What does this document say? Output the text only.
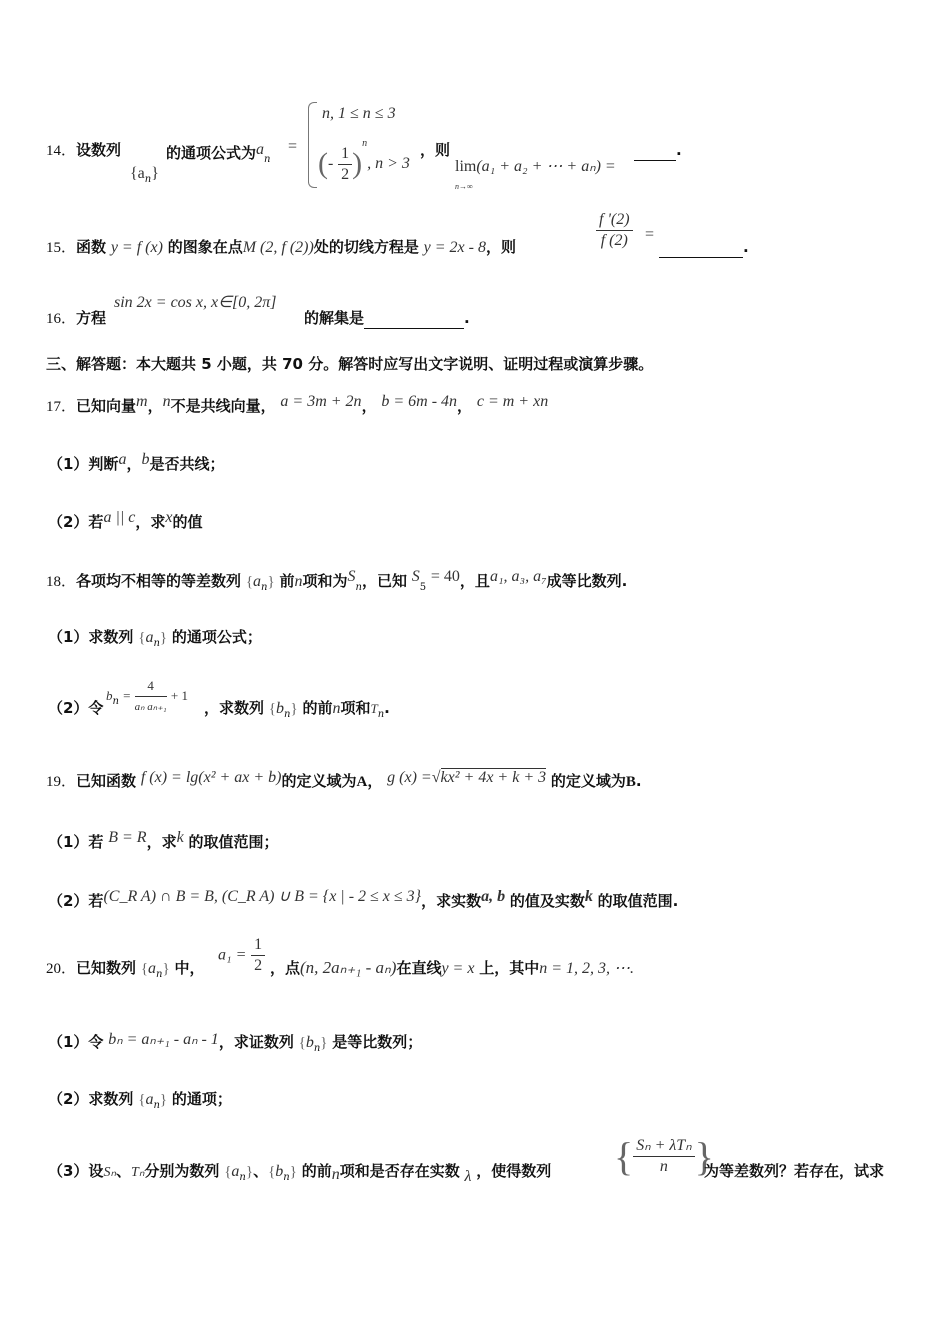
14．设数列
$\{a_n\}$
的通项公式为$a_n$
=
n, 1 ≤ n ≤ 3
(- $\frac{1}{2} )^n$, n > 3
，则
lim(a₁ + a₂ + ⋯ + aₙ) =
n→∞
.
15．函数 y = f (x) 的图象在点M (2, f (2))处的切线方程是 y = 2x - 8，则	$\frac{f '(2)}{f (2)}$ =
.
16．方程
sin 2x = cos x, x∈[0, 2π]
的解集是	.
三、解答题：本大题共 5 小题，共 70 分。解答时应写出文字说明、证明过程或演算步骤。
17．已知向量m，n不是共线向量， a = 3m + 2n， b = 6m - 4n， c = m + xn
（1）判断a，b是否共线；
（2）若a || c，求x的值
18．各项均不相等的等差数列 $\{a_n\}$ 前n项和为$S_n$，已知 $S_5 = 40$，且a₁, a₃, a₇成等比数列.
（1）求数列 $\{a_n\}$ 的通项公式；
（2）令
$b_n = \frac{4}{\text{aₙ aₙ₊₁}} + 1$
，求数列 $\{b_n\}$ 的前n项和$T_n$.
19．已知函数 f (x) = lg(x² + ax + b)的定义域为A， g (x) =√kx² + 4x + k + 3 的定义域为B.
（1）若 B = R，求k 的取值范围；
（2）若(C_R A) ∩ B = B, (C_R A) ∪ B = {x | - 2 ≤ x ≤ 3}，求实数a, b 的值及实数k 的取值范围.
20．已知数列 $\{a_n\}$ 中，
$a_1 = \frac{1}{2}$ ，点(n, 2aₙ₊₁ - aₙ)在直线y = x 上，其中n = 1, 2, 3, ⋯.
（1）令 bₙ = aₙ₊₁ - aₙ - 1，求证数列 $\{b_n\}$ 是等比数列；
（2）求数列 $\{a_n\}$ 的通项；
（3）设Sₙ、Tₙ分别为数列 $\{a_n\}$、$\{b_n\}$ 的前n项和是否存在实数 λ ，使得数列 { $\frac{\text{Sₙ + λTₙ}}{n}$ }
为等差数列？若存在，试求
